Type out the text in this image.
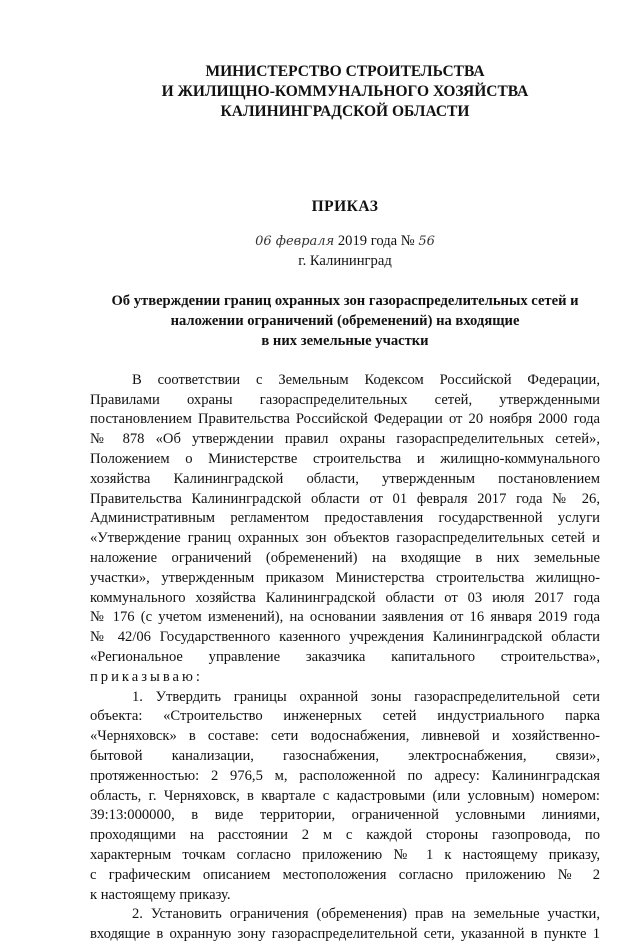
МИНИСТЕРСТВО СТРОИТЕЛЬСТВА
И ЖИЛИЩНО-КОММУНАЛЬНОГО ХОЗЯЙСТВА
КАЛИНИНГРАДСКОЙ ОБЛАСТИ
ПРИКАЗ
06 февраля 2019 года № 56
г. Калининград
Об утверждении границ охранных зон газораспределительных сетей и
наложении ограничений (обременений) на входящие
в них земельные участки
В соответствии с Земельным Кодексом Российской Федерации,
Правилами охраны газораспределительных сетей, утвержденными
постановлением Правительства Российской Федерации от 20 ноября 2000 года
№ 878 «Об утверждении правил охраны газораспределительных сетей»,
Положением о Министерстве строительства и жилищно-коммунального
хозяйства Калининградской области, утвержденным постановлением
Правительства Калининградской области от 01 февраля 2017 года № 26,
Административным регламентом предоставления государственной услуги
«Утверждение границ охранных зон объектов газораспределительных сетей и
наложение ограничений (обременений) на входящие в них земельные
участки», утвержденным приказом Министерства строительства жилищно-
коммунального хозяйства Калининградской области от 03 июля 2017 года
№ 176 (с учетом изменений), на основании заявления от 16 января 2019 года
№ 42/06 Государственного казенного учреждения Калининградской области
«Региональное управление заказчика капитального строительства»,
приказываю:
1. Утвердить границы охранной зоны газораспределительной сети
объекта: «Строительство инженерных сетей индустриального парка
«Черняховск» в составе: сети водоснабжения, ливневой и хозяйственно-
бытовой канализации, газоснабжения, электроснабжения, связи»,
протяженностью: 2 976,5 м, расположенной по адресу: Калининградская
область, г. Черняховск, в квартале с кадастровыми (или условным) номером:
39:13:000000, в виде территории, ограниченной условными линиями,
проходящими на расстоянии 2 м с каждой стороны газопровода, по
характерным точкам согласно приложению № 1 к настоящему приказу,
с графическим описанием местоположения согласно приложению № 2
к настоящему приказу.
2. Установить ограничения (обременения) прав на земельные участки,
входящие в охранную зону газораспределительной сети, указанной в пункте 1
